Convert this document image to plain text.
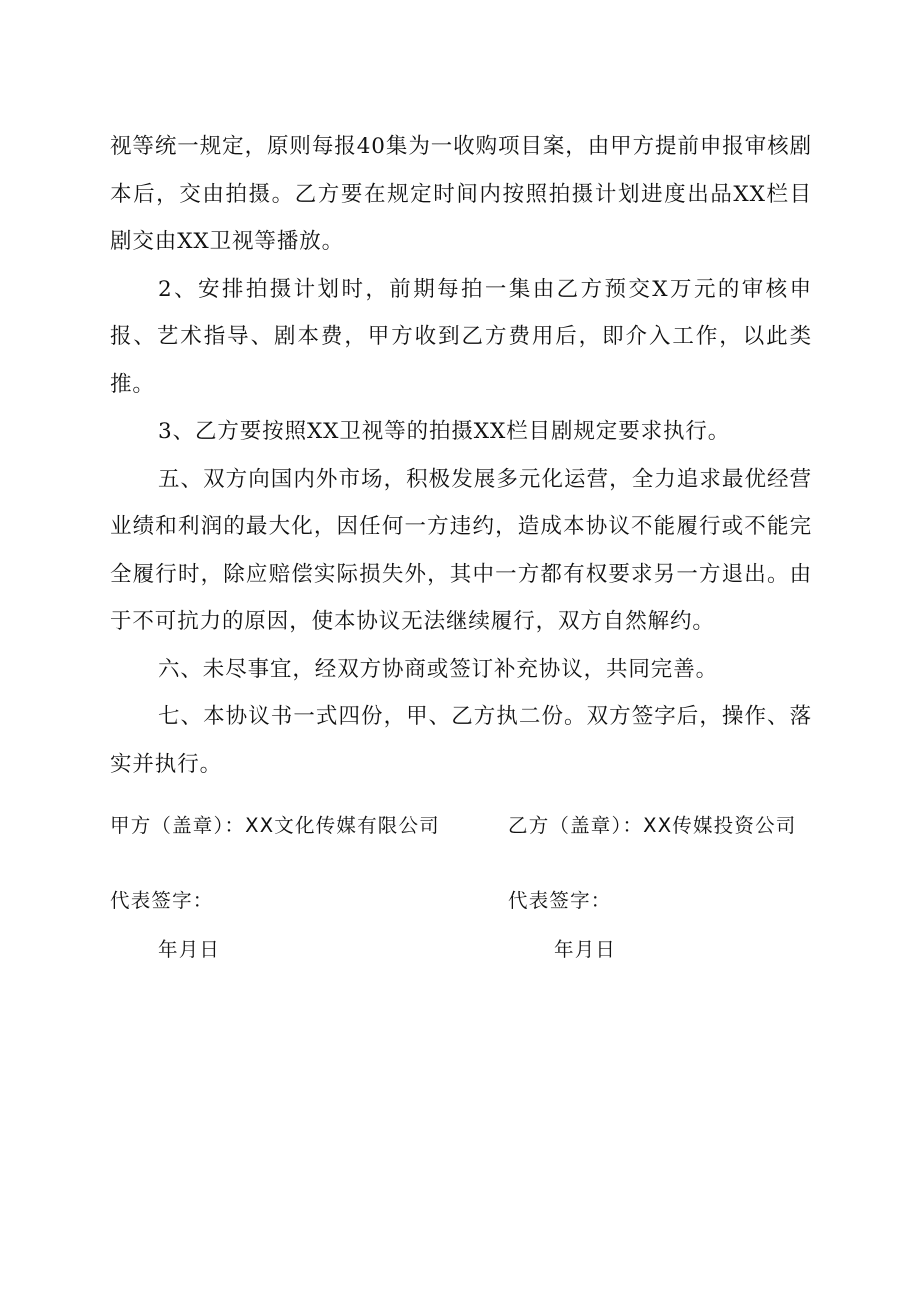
视等统一规定，原则每报40集为一收购项目案，由甲方提前申报审核剧本后，交由拍摄。乙方要在规定时间内按照拍摄计划进度出品XX栏目剧交由XX卫视等播放。

2、安排拍摄计划时，前期每拍一集由乙方预交X万元的审核申报、艺术指导、剧本费，甲方收到乙方费用后，即介入工作，以此类推。

3、乙方要按照XX卫视等的拍摄XX栏目剧规定要求执行。

五、双方向国内外市场，积极发展多元化运营，全力追求最优经营业绩和利润的最大化，因任何一方违约，造成本协议不能履行或不能完全履行时，除应赔偿实际损失外，其中一方都有权要求另一方退出。由于不可抗力的原因，使本协议无法继续履行，双方自然解约。

六、未尽事宜，经双方协商或签订补充协议，共同完善。

七、本协议书一式四份，甲、乙方执二份。双方签字后，操作、落实并执行。

甲方（盖章）：XX文化传媒有限公司	乙方（盖章）：XX传媒投资公司
代表签字：	代表签字：
年月日	年月日
